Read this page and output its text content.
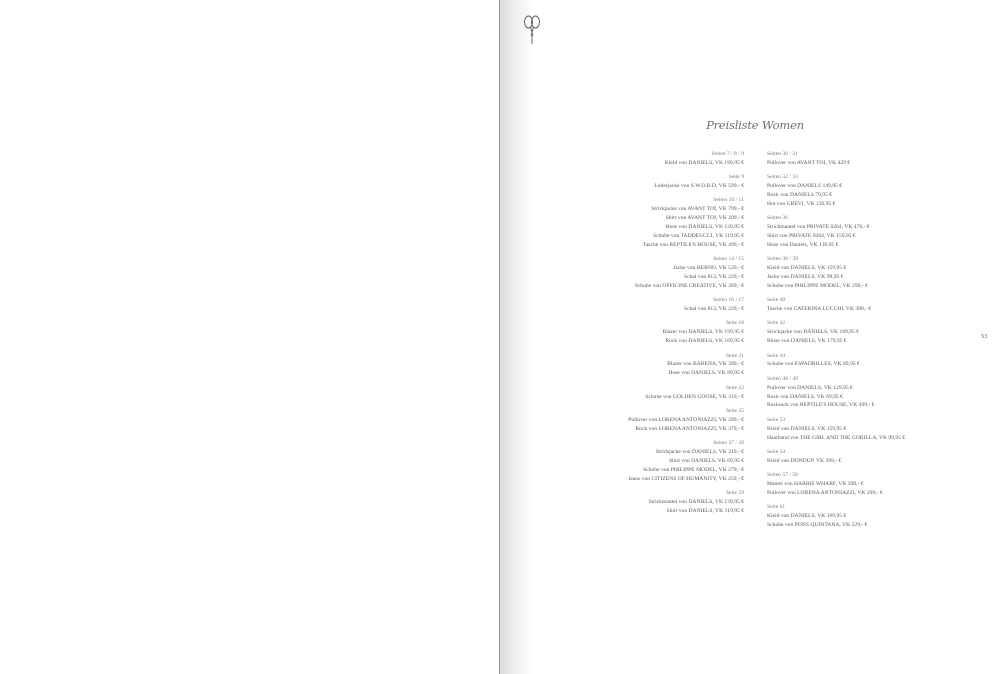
Preisliste Women
Seiten 7 / 8 / 9
Kleid von DANIELS, VK 199,95 €
Seite 9
Lederjacke von S.W.O.R.D, VK 599,- €
Seiten 10 / 11
Strickjacke von AVANT TOI, VK 799,- €
Shirt von AVANT TOI, VK 209,- €
Hose von DANIELS, VK 139,95 €
Schuhe von TADDEUCCI, VK 119,95 €
Tasche von REPTILE'S HOUSE, VK 499,- €
Seiten 14 / 15
Jacke von HERNO, VK 529,- €
Schal von 813, VK 229,- €
Schuhe von OFFICINE CREATIVE, VK 399,- €
Seiten 16 / 17
Schal von 813, VK 229,- €
Seite 18
Blazer von DANIELS, VK 199,95 €
Rock von DANIELS, VK 169,95 €
Seite 21
Blazer von BARENA, VK 399,- €
Hose von DANIELS, VK 89,95 €
Seite 22
Schuhe von GOLDEN GOOSE, VK 319,- €
Seite 25
Pullover von LORENA ANTONIAZZI, VK 299,- €
Rock von LORENA ANTONIAZZI, VK 379,- €
Seiten 27 / 28
Strickjacke von DANIELS, VK 219,- €
Shirt von DANIELS, VK 69,95 €
Schuhe von PHILIPPE MODEL, VK 279,- €
Jeans von CITIZENS OF HUMANITY, VK 259,- €
Seite 29
Strickmantel von DANIELS, VK 139,95 €
Shirt von DANIELS, VK 119,95 €
Seiten 30 / 31
Pullover von AVANT TOI, VK 429 €
Seiten 32 / 33
Pullover von DANIELS 149,95 €
Rock von DANIELS 79,95 €
Hut von GREVI, VK 139,95 €
Seiten 36
Strickmantel von PRIVATE 0204, VK 479,- €
Shirt von PRIVATE 0204, VK 159,95 €
Hose von Daniels, VK 139,95 €
Seiten 38 / 39
Kleid von DANIELS, VK 159,95 €
Jacke von DANIELS, VK 99,95 €
Schuhe von PHILIPPE MODEL, VK 299,- €
Seite 40
Tasche von CATERINA LUCCHI, VK 398,- €
Seite 42
Strickjacke von DANIELS, VK 199,95 €
Bluse von DANIELS, VK 179,95 €
Seite 44
Schuhe von ESPADRILLES, VK 89,95 €
Seiten 48 / 49
Pullover von DANIELS, VK 129,95 €
Rock von DANIELS, VK 69,95 €
Rucksack von REPTILE'S HOUSE, VK 499,- €
Seite 53
Kleid von DANIELS, VK 159,95 €
Haarband von THE GIRL AND THE GORILLA, VK 99,95 €
Seite 54
Kleid von DONDUP, VK 399,- €
Seiten 57 / 58
Mantel von HARRIS WHARF, VK 399,- €
Pullover von LORENA ANTONIAZZI, VK 299,- €
Seite 61
Kleid von DANIELS, VK 169,95 €
Schuhe von PONS QUINTANA, VK 229,- €
53
